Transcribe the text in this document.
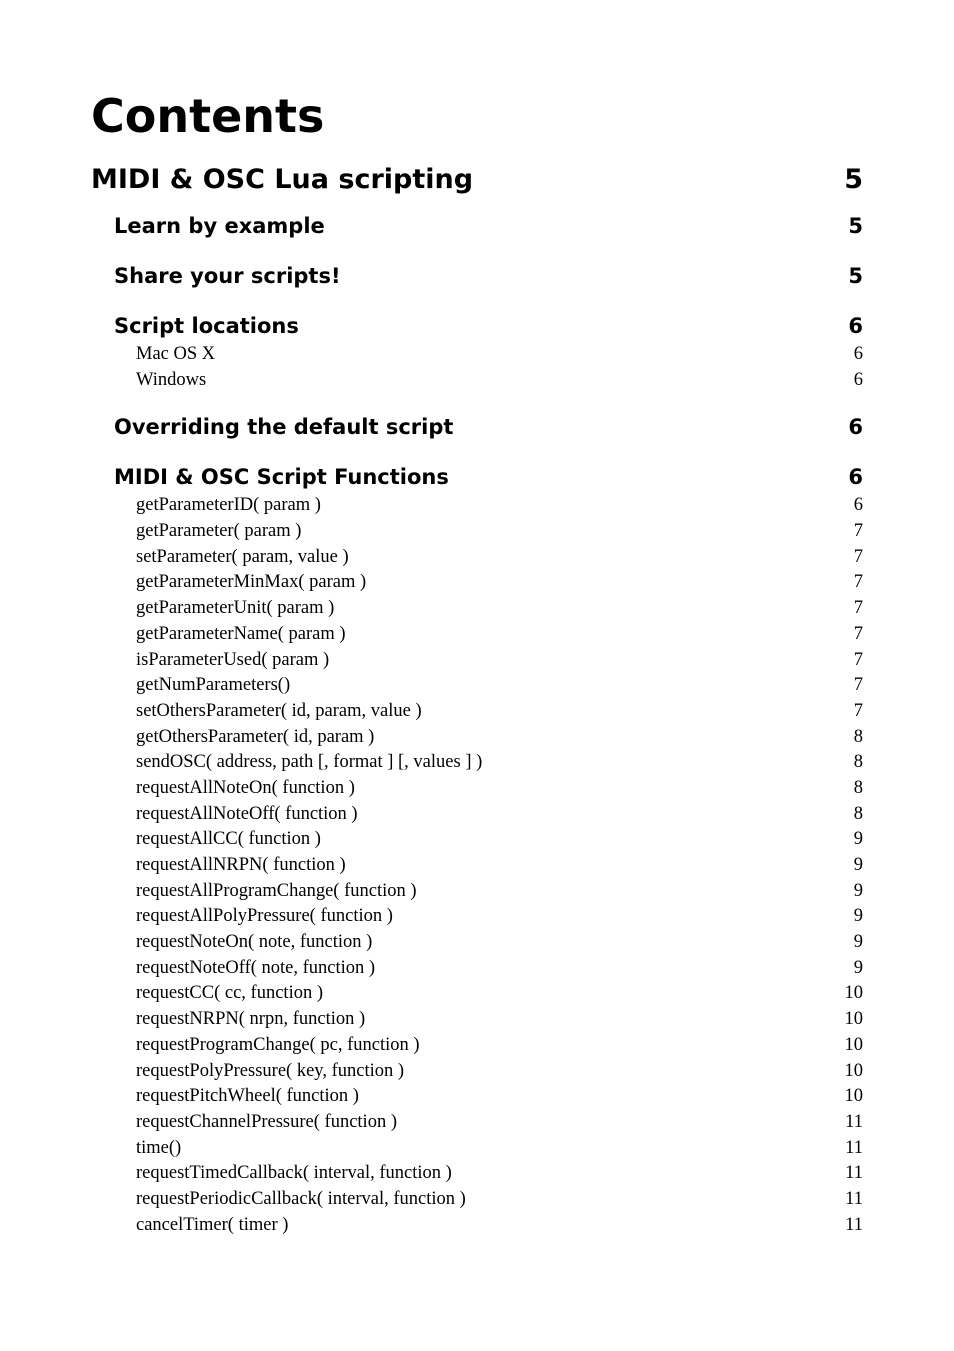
Contents
MIDI & OSC Lua scripting	5
Learn by example	5
Share your scripts!	5
Script locations	6
Mac OS X	6
Windows	6
Overriding the default script	6
MIDI & OSC Script Functions	6
getParameterID( param )	6
getParameter( param )	7
setParameter( param, value )	7
getParameterMinMax( param )	7
getParameterUnit( param )	7
getParameterName( param )	7
isParameterUsed( param )	7
getNumParameters()	7
setOthersParameter( id, param, value )	7
getOthersParameter( id, param )	8
sendOSC( address, path [, format ] [, values ] )	8
requestAllNoteOn( function )	8
requestAllNoteOff( function )	8
requestAllCC( function )	9
requestAllNRPN( function )	9
requestAllProgramChange( function )	9
requestAllPolyPressure( function )	9
requestNoteOn( note, function )	9
requestNoteOff( note, function )	9
requestCC( cc, function )	10
requestNRPN( nrpn, function )	10
requestProgramChange( pc, function )	10
requestPolyPressure( key, function )	10
requestPitchWheel( function )	10
requestChannelPressure( function )	11
time()	11
requestTimedCallback( interval, function )	11
requestPeriodicCallback( interval, function )	11
cancelTimer( timer )	11
